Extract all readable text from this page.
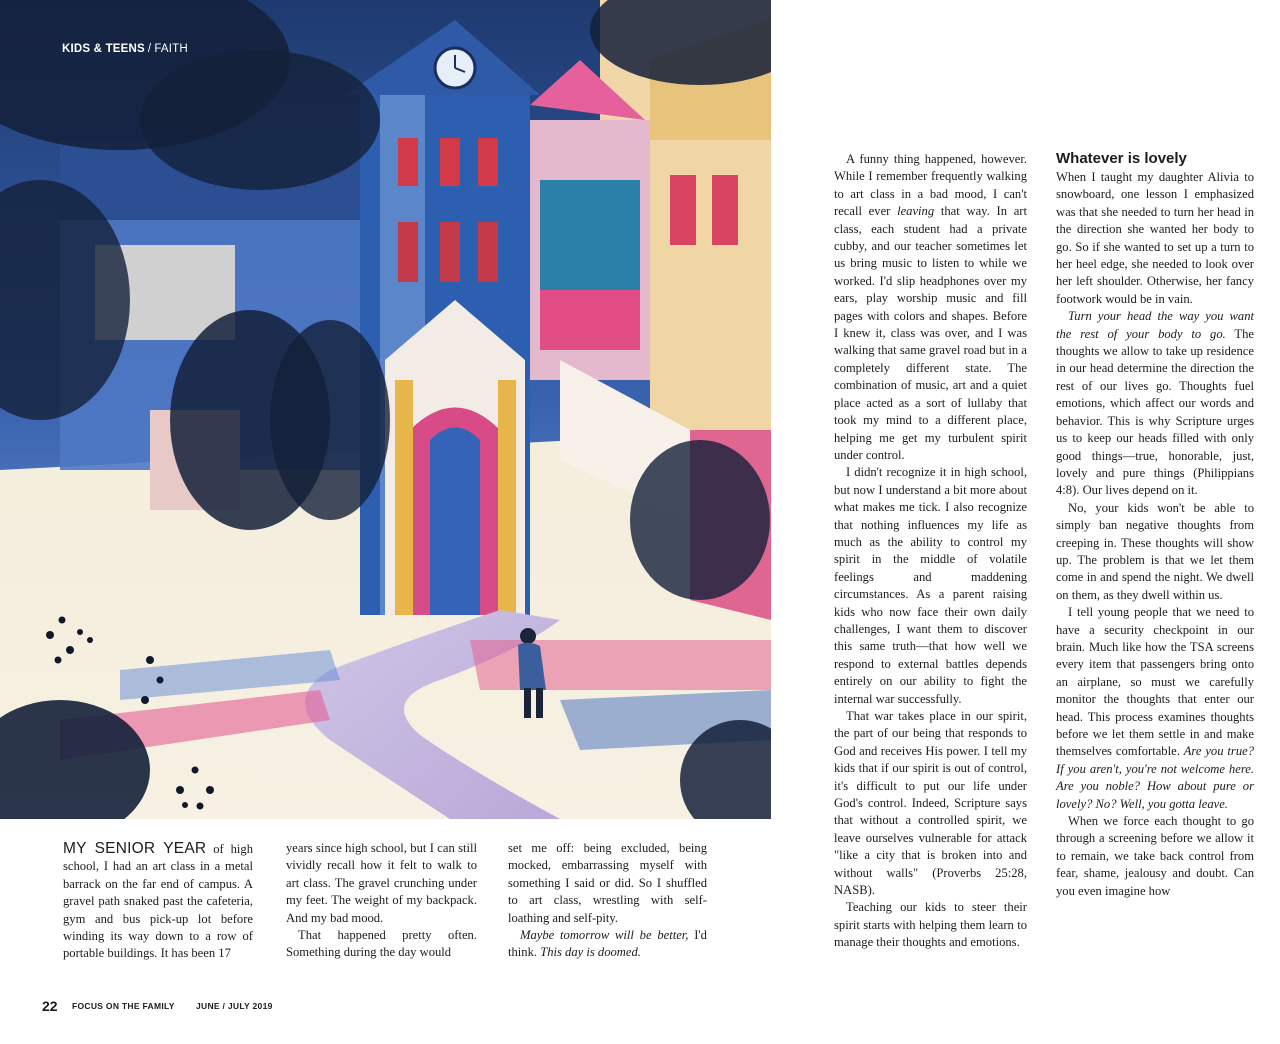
KIDS & TEENS / FAITH

MY SENIOR YEAR of high school, I had an art class in a metal barrack on the far end of campus. A gravel path snaked past the cafeteria, gym and bus pick-up lot before winding its way down to a row of portable buildings. It has been 17

years since high school, but I can still vividly recall how it felt to walk to art class. The gravel crunching under my feet. The weight of my backpack. And my bad mood.

That happened pretty often. Something during the day would

set me off: being excluded, being mocked, embarrassing myself with something I said or did. So I shuffled to art class, wrestling with self-loathing and self-pity.

Maybe tomorrow will be better, I'd think. This day is doomed.

A funny thing happened, however. While I remember frequently walking to art class in a bad mood, I can't recall ever leaving that way. In art class, each student had a private cubby, and our teacher sometimes let us bring music to listen to while we worked. I'd slip headphones over my ears, play worship music and fill pages with colors and shapes. Before I knew it, class was over, and I was walking that same gravel road but in a completely different state. The combination of music, art and a quiet place acted as a sort of lullaby that took my mind to a different place, helping me get my turbulent spirit under control.

I didn't recognize it in high school, but now I understand a bit more about what makes me tick. I also recognize that nothing influences my life as much as the ability to control my spirit in the middle of volatile feelings and maddening circumstances. As a parent raising kids who now face their own daily challenges, I want them to discover this same truth—that how well we respond to external battles depends entirely on our ability to fight the internal war successfully.

That war takes place in our spirit, the part of our being that responds to God and receives His power. I tell my kids that if our spirit is out of control, it's difficult to put our life under God's control. Indeed, Scripture says that without a controlled spirit, we leave ourselves vulnerable for attack "like a city that is broken into and without walls" (Proverbs 25:28, NASB).

Teaching our kids to steer their spirit starts with helping them learn to manage their thoughts and emotions.

Whatever is lovely

When I taught my daughter Alivia to snowboard, one lesson I emphasized was that she needed to turn her head in the direction she wanted her body to go. So if she wanted to set up a turn to her heel edge, she needed to look over her left shoulder. Otherwise, her fancy footwork would be in vain.

Turn your head the way you want the rest of your body to go. The thoughts we allow to take up residence in our head determine the direction the rest of our lives go. Thoughts fuel emotions, which affect our words and behavior. This is why Scripture urges us to keep our heads filled with only good things—true, honorable, just, lovely and pure things (Philippians 4:8). Our lives depend on it.

No, your kids won't be able to simply ban negative thoughts from creeping in. These thoughts will show up. The problem is that we let them come in and spend the night. We dwell on them, as they dwell within us.

I tell young people that we need to have a security checkpoint in our brain. Much like how the TSA screens every item that passengers bring onto an airplane, so must we carefully monitor the thoughts that enter our head. This process examines thoughts before we let them settle in and make themselves comfortable. Are you true? If you aren't, you're not welcome here. Are you noble? How about pure or lovely? No? Well, you gotta leave.

When we force each thought to go through a screening before we allow it to remain, we take back control from fear, shame, jealousy and doubt. Can you even imagine how

22 FOCUS ON THE FAMILY	JUNE / JULY 2019
